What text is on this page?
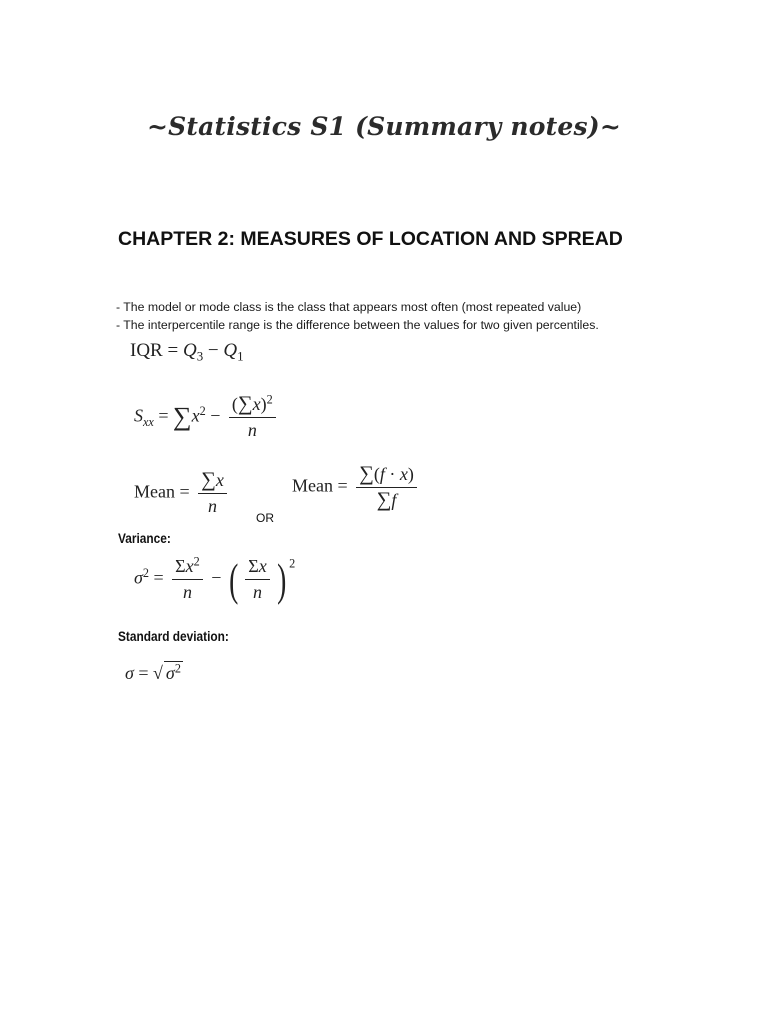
~Statistics S1 (Summary notes)~
CHAPTER 2: MEASURES OF LOCATION AND SPREAD
- The model or mode class is the class that appears most often (most repeated value)
- The interpercentile range is the difference between the values for two given percentiles.
IQR = $Q_3 - Q_1$
$S_{xx} = \sum x^2 - \frac{(\sum x)^2}{n}$
Mean = $\frac{\sum x}{n}$
OR
Mean = $\frac{\sum(f \cdot x)}{\sum f}$
Variance:
$\sigma^2 = \frac{\Sigma x^2}{n}$ − ( $\frac{\Sigma x}{n}$ ) $^2$
Standard deviation:
σ = √ $\sigma^2$
